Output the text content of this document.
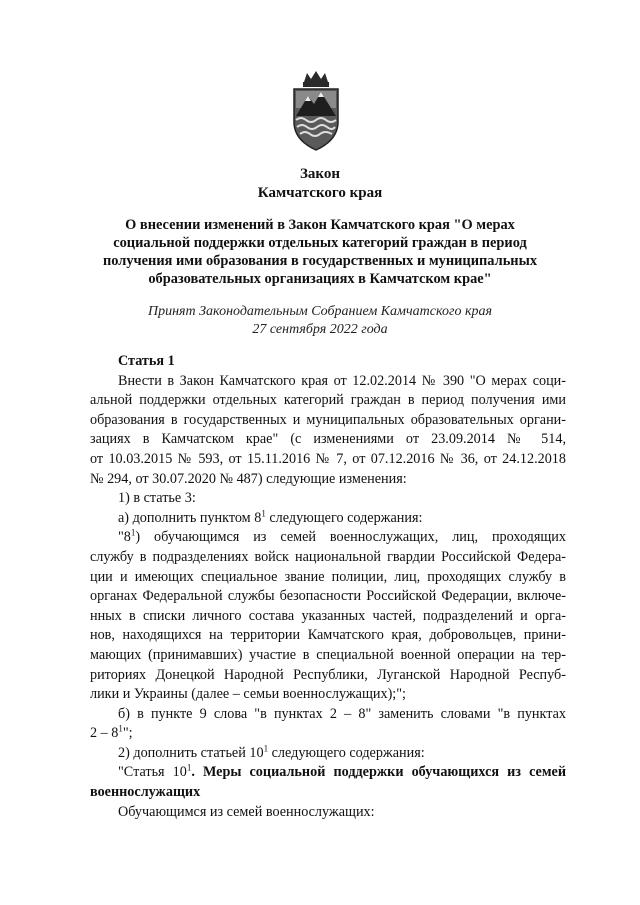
Закон
Камчатского края
О внесении изменений в Закон Камчатского края "О мерах
социальной поддержки отдельных категорий граждан в период
получения ими образования в государственных и муниципальных
образовательных организациях в Камчатском крае"
Принят Законодательным Собранием Камчатского края
27 сентября 2022 года
Статья 1
Внести в Закон Камчатского края от 12.02.2014 № 390 "О мерах соци-
альной поддержки отдельных категорий граждан в период получения ими
образования в государственных и муниципальных образовательных органи-
зациях в Камчатском крае" (с изменениями от 23.09.2014 № 514,
от 10.03.2015 № 593, от 15.11.2016 № 7, от 07.12.2016 № 36, от 24.12.2018
№ 294, от 30.07.2020 № 487) следующие изменения:
1) в статье 3:
а) дополнить пунктом $8^1$ следующего содержания:
"$8^1$) обучающимся из семей военнослужащих, лиц, проходящих
службу в подразделениях войск национальной гвардии Российской Федера-
ции и имеющих специальное звание полиции, лиц, проходящих службу в
органах Федеральной службы безопасности Российской Федерации, включе-
нных в списки личного состава указанных частей, подразделений и орга-
нов, находящихся на территории Камчатского края, добровольцев, прини-
мающих (принимавших) участие в специальной военной операции на тер-
риториях Донецкой Народной Республики, Луганской Народной Респуб-
лики и Украины (далее – семьи военнослужащих);";
б) в пункте 9 слова "в пунктах 2 – 8" заменить словами "в пунктах
$2 - 8^1$";
2) дополнить статьей $10^1$ следующего содержания:
"Статья $10^1$. Меры социальной поддержки обучающихся из семей
военнослужащих
Обучающимся из семей военнослужащих:
